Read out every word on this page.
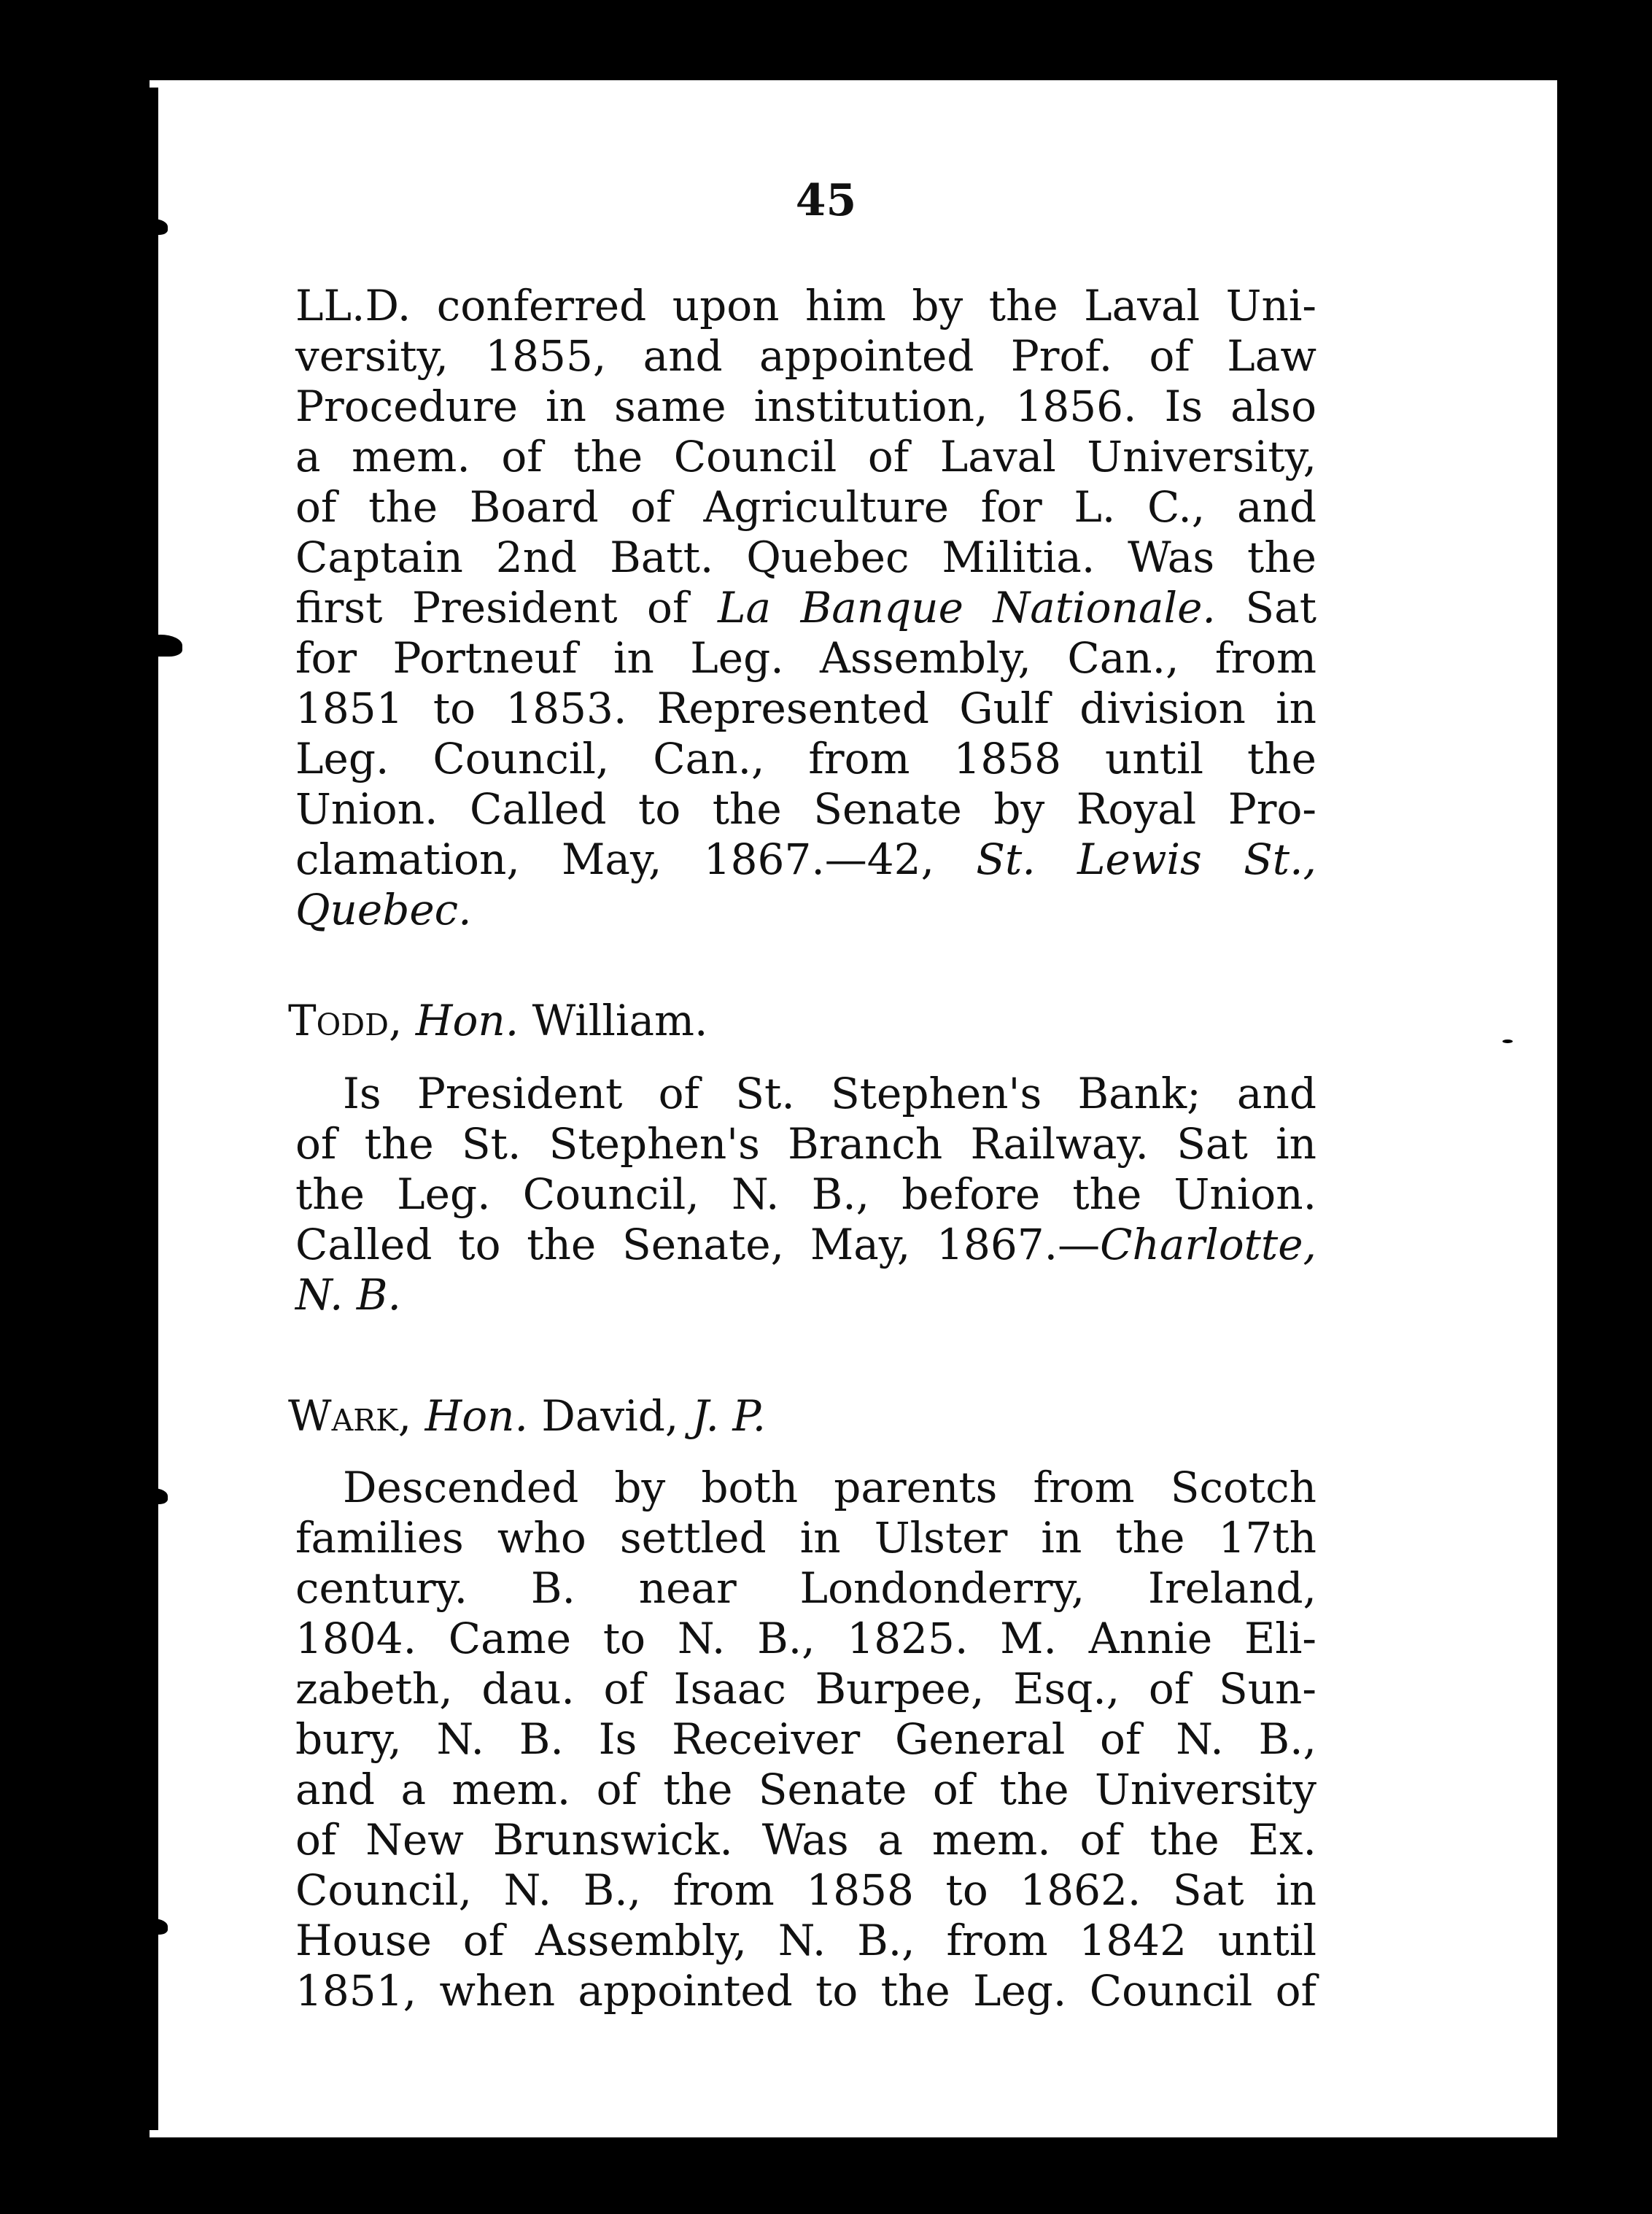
45
LL.D. conferred upon him by the Laval Uni-
versity, 1855, and appointed Prof. of Law
Procedure in same institution, 1856. Is also
a mem. of the Council of Laval University,
of the Board of Agriculture for L. C., and
Captain 2nd Batt. Quebec Militia. Was the
first President of La Banque Nationale. Sat
for Portneuf in Leg. Assembly, Can., from
1851 to 1853. Represented Gulf division in
Leg. Council, Can., from 1858 until the
Union. Called to the Senate by Royal Pro-
clamation, May, 1867.—42, St. Lewis St.,
Quebec.
Todd, Hon. William.
Is President of St. Stephen's Bank; and
of the St. Stephen's Branch Railway. Sat in
the Leg. Council, N. B., before the Union.
Called to the Senate, May, 1867.—Charlotte,
N. B.
Wark, Hon. David, J. P.
Descended by both parents from Scotch
families who settled in Ulster in the 17th
century. B. near Londonderry, Ireland,
1804. Came to N. B., 1825. M. Annie Eli-
zabeth, dau. of Isaac Burpee, Esq., of Sun-
bury, N. B. Is Receiver General of N. B.,
and a mem. of the Senate of the University
of New Brunswick. Was a mem. of the Ex.
Council, N. B., from 1858 to 1862. Sat in
House of Assembly, N. B., from 1842 until
1851, when appointed to the Leg. Council of
